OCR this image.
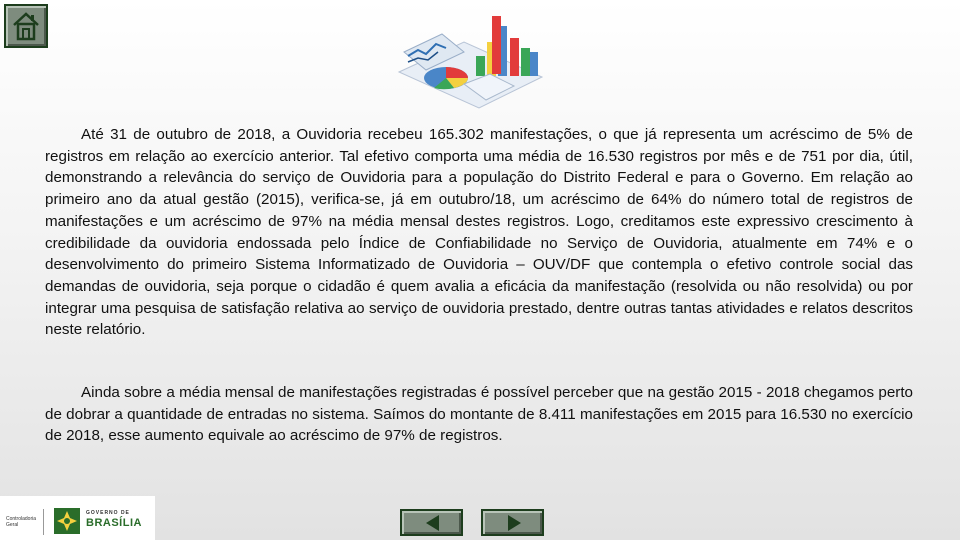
Até 31 de outubro de 2018, a Ouvidoria recebeu 165.302 manifestações, o que já representa um acréscimo de 5% de registros em relação ao exercício anterior. Tal efetivo comporta uma média de 16.530 registros por mês e de 751 por dia, útil, demonstrando a relevância do serviço de Ouvidoria para a população do Distrito Federal e para o Governo. Em relação ao primeiro ano da atual gestão (2015), verifica-se, já em outubro/18, um acréscimo de 64% do número total de registros de manifestações e um acréscimo de 97% na média mensal destes registros. Logo, creditamos este expressivo crescimento à credibilidade da ouvidoria endossada pelo Índice de Confiabilidade no Serviço de Ouvidoria, atualmente em 74% e o desenvolvimento do primeiro Sistema Informatizado de Ouvidoria – OUV/DF que contempla o efetivo controle social das demandas de ouvidoria, seja porque o cidadão é quem avalia a eficácia da manifestação (resolvida ou não resolvida) ou por integrar uma pesquisa de satisfação relativa ao serviço de ouvidoria prestado, dentre outras tantas atividades e relatos descritos neste relatório.

Ainda sobre a média mensal de manifestações registradas é possível perceber que na gestão 2015 - 2018 chegamos perto de dobrar a quantidade de entradas no sistema. Saímos do montante de 8.411 manifestações em 2015 para 16.530 no exercício de 2018, esse aumento equivale ao acréscimo de 97% de registros.

Controladoria
Geral
GOVERNO DE
BRASÍLIA
